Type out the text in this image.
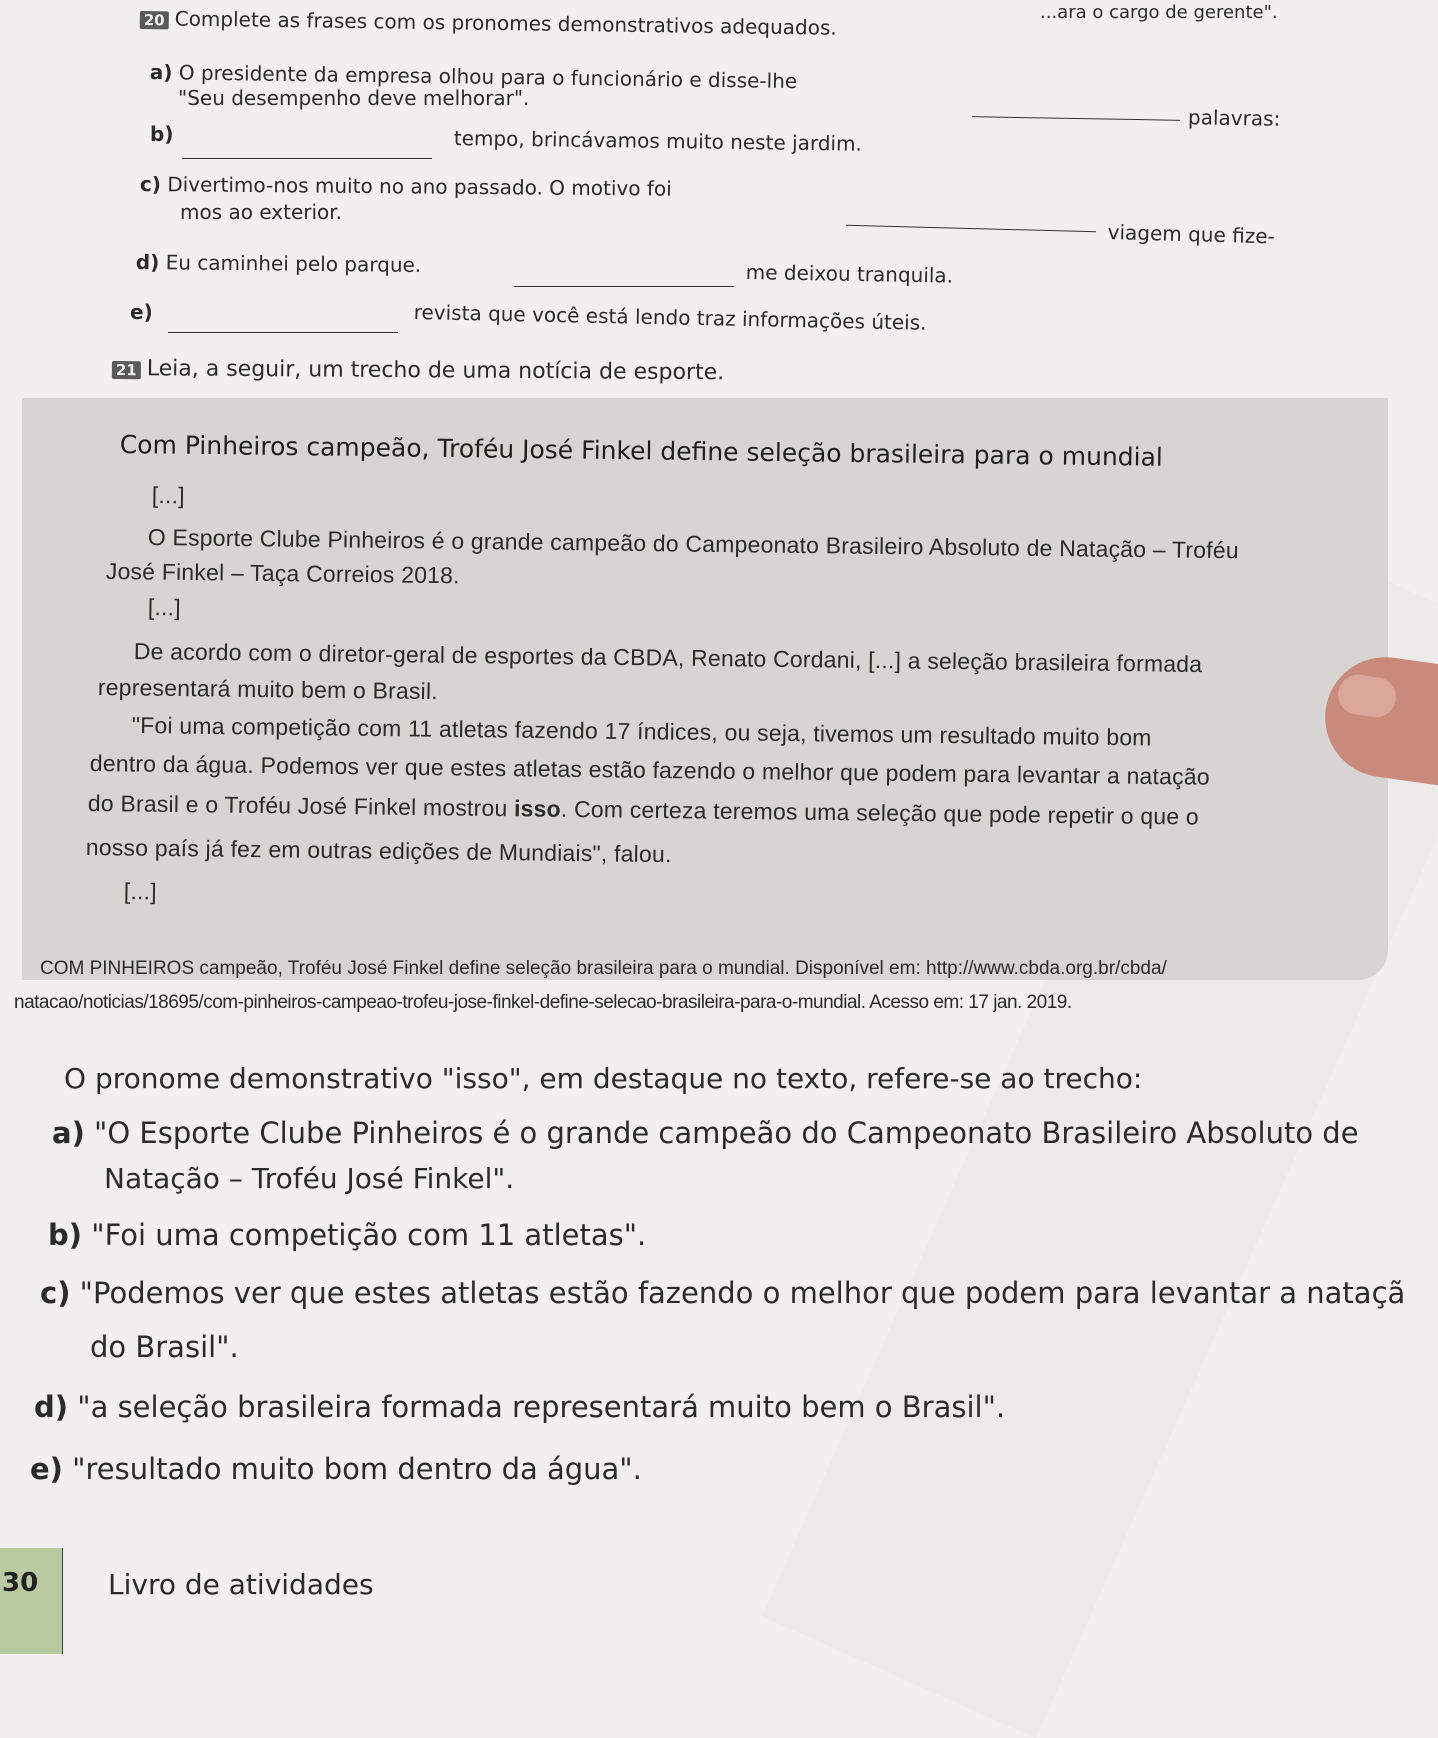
...ara o cargo de gerente".
20 Complete as frases com os pronomes demonstrativos adequados.
a) O presidente da empresa olhou para o funcionário e disse-lhe
"Seu desempenho deve melhorar".
palavras:
b)	tempo, brincávamos muito neste jardim.
c) Divertimo-nos muito no ano passado. O motivo foi
mos ao exterior.
viagem que fize-
d) Eu caminhei pelo parque.	me deixou tranquila.
e)	revista que você está lendo traz informações úteis.
21 Leia, a seguir, um trecho de uma notícia de esporte.
Com Pinheiros campeão, Troféu José Finkel define seleção brasileira para o mundial
[...]
O Esporte Clube Pinheiros é o grande campeão do Campeonato Brasileiro Absoluto de Natação – Troféu
José Finkel – Taça Correios 2018.
[...]
De acordo com o diretor-geral de esportes da CBDA, Renato Cordani, [...] a seleção brasileira formada
representará muito bem o Brasil.
"Foi uma competição com 11 atletas fazendo 17 índices, ou seja, tivemos um resultado muito bom
dentro da água. Podemos ver que estes atletas estão fazendo o melhor que podem para levantar a natação
do Brasil e o Troféu José Finkel mostrou isso. Com certeza teremos uma seleção que pode repetir o que o
nosso país já fez em outras edições de Mundiais", falou.
[...]
COM PINHEIROS campeão, Troféu José Finkel define seleção brasileira para o mundial. Disponível em: http://www.cbda.org.br/cbda/
natacao/noticias/18695/com-pinheiros-campeao-trofeu-jose-finkel-define-selecao-brasileira-para-o-mundial. Acesso em: 17 jan. 2019.
O pronome demonstrativo "isso", em destaque no texto, refere-se ao trecho:
a) "O Esporte Clube Pinheiros é o grande campeão do Campeonato Brasileiro Absoluto de
Natação – Troféu José Finkel".
b) "Foi uma competição com 11 atletas".
c) "Podemos ver que estes atletas estão fazendo o melhor que podem para levantar a nataçã
do Brasil".
d) "a seleção brasileira formada representará muito bem o Brasil".
e) "resultado muito bom dentro da água".
30 Livro de atividades
